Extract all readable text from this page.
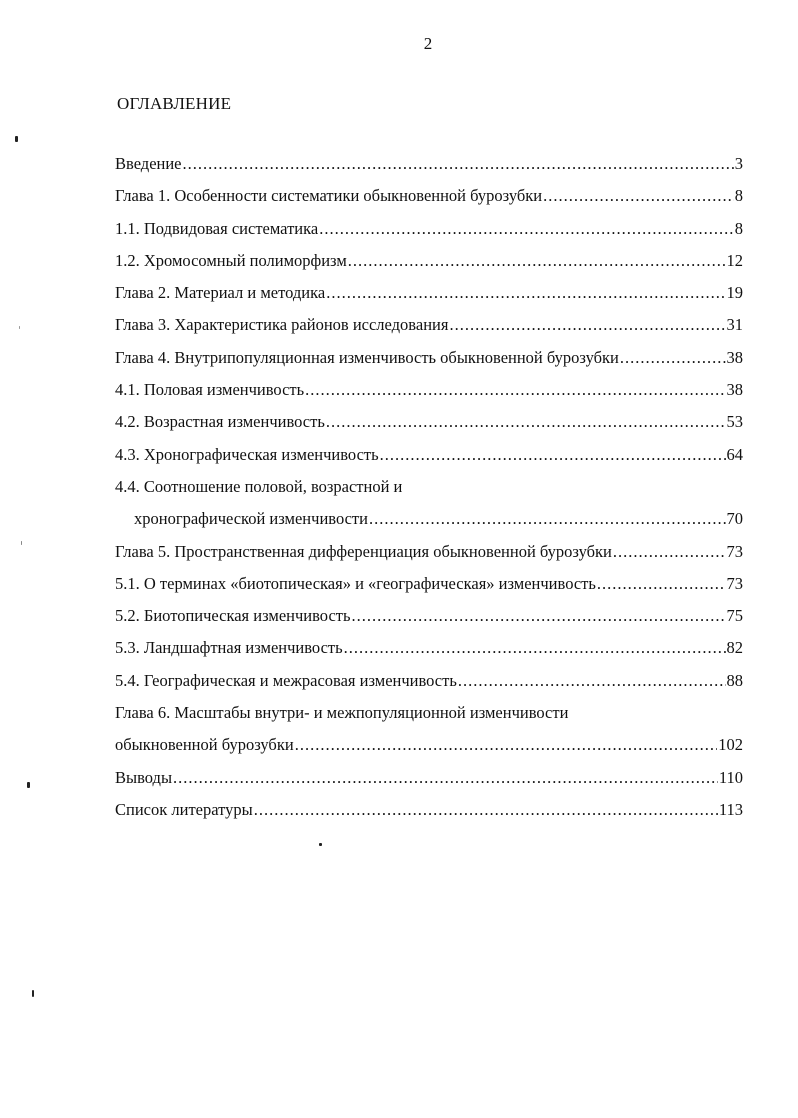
2
ОГЛАВЛЕНИЕ
Введение .....	3
Глава 1. Особенности систематики обыкновенной бурозубки .....	8
1.1. Подвидовая систематика .....	8
1.2. Хромосомный полиморфизм .....	12
Глава 2. Материал и методика .....	19
Глава 3. Характеристика районов исследования .....	31
Глава 4. Внутрипопуляционная изменчивость обыкновенной бурозубки .....	38
4.1. Половая изменчивость .....	38
4.2. Возрастная изменчивость .....	53
4.3. Хронографическая изменчивость .....	64
4.4. Соотношение половой, возрастной и
хронографической изменчивости .....	70
Глава 5. Пространственная дифференциация обыкновенной бурозубки .....	73
5.1. О терминах «биотопическая» и «географическая» изменчивость .....	73
5.2. Биотопическая изменчивость .....	75
5.3. Ландшафтная изменчивость .....	82
5.4. Географическая и межрасовая изменчивость .....	88
Глава 6. Масштабы внутри- и межпопуляционной изменчивости
обыкновенной бурозубки .....	102
Выводы .....	110
Список литературы .....	113
